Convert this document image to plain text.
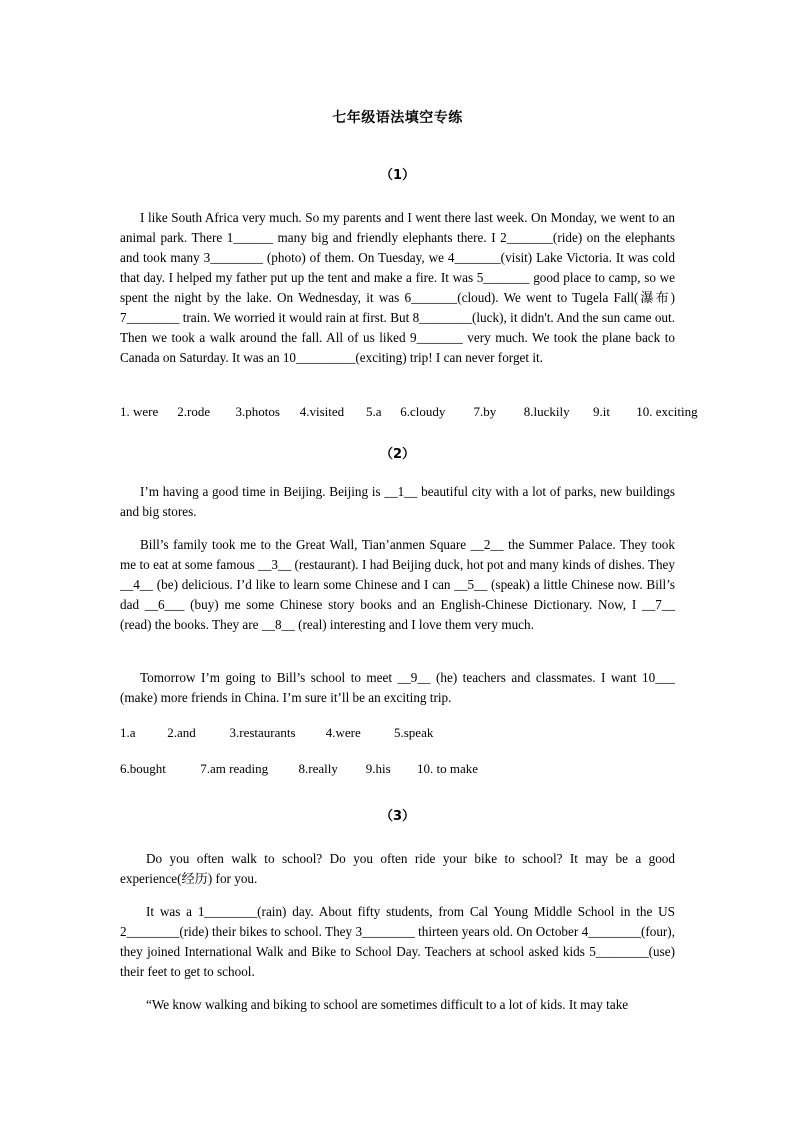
七年级语法填空专练
（1）
I like South Africa very much. So my parents and I went there last week. On Monday, we went to an animal park. There 1______ many big and friendly elephants there. I 2_______(ride) on the elephants and took many 3________ (photo) of them. On Tuesday, we 4_______(visit) Lake Victoria. It was cold that day. I helped my father put up the tent and make a fire. It was 5_______ good place to camp, so we spent the night by the lake. On Wednesday, it was 6_______(cloud). We went to Tugela Fall(瀑布) 7________ train. We worried it would rain at first. But 8________(luck), it didn't. And the sun came out. Then we took a walk around the fall. All of us liked 9_______ very much. We took the plane back to Canada on Saturday. It was an 10_________(exciting) trip! I can never forget it.
1. were 2.rode 3.photos 4.visited 5.a 6.cloudy 7.by 8.luckily 9.it 10. exciting
（2）
I’m having a good time in Beijing. Beijing is __1__ beautiful city with a lot of parks, new buildings and big stores.
Bill’s family took me to the Great Wall, Tian’anmen Square __2__ the Summer Palace. They took me to eat at some famous __3__ (restaurant). I had Beijing duck, hot pot and many kinds of dishes. They __4__ (be) delicious. I’d like to learn some Chinese and I can __5__ (speak) a little Chinese now. Bill’s dad __6___ (buy) me some Chinese story books and an English-Chinese Dictionary. Now, I __7__ (read) the books. They are __8__ (real) interesting and I love them very much.
Tomorrow I’m going to Bill’s school to meet __9__ (he) teachers and classmates. I want 10___ (make) more friends in China. I’m sure it’ll be an exciting trip.
1.a 2.and	3.restaurants 4.were	5.speak
6.bought	7.am reading 8.really 9.his 10. to make
（3）
Do you often walk to school? Do you often ride your bike to school? It may be a good experience(经历) for you.
It was a 1________(rain) day. About fifty students, from Cal Young Middle School in the US 2________(ride) their bikes to school. They 3________ thirteen years old. On October 4________(four), they joined International Walk and Bike to School Day. Teachers at school asked kids 5________(use) their feet to get to school.
“We know walking and biking to school are sometimes difficult to a lot of kids. It may take
